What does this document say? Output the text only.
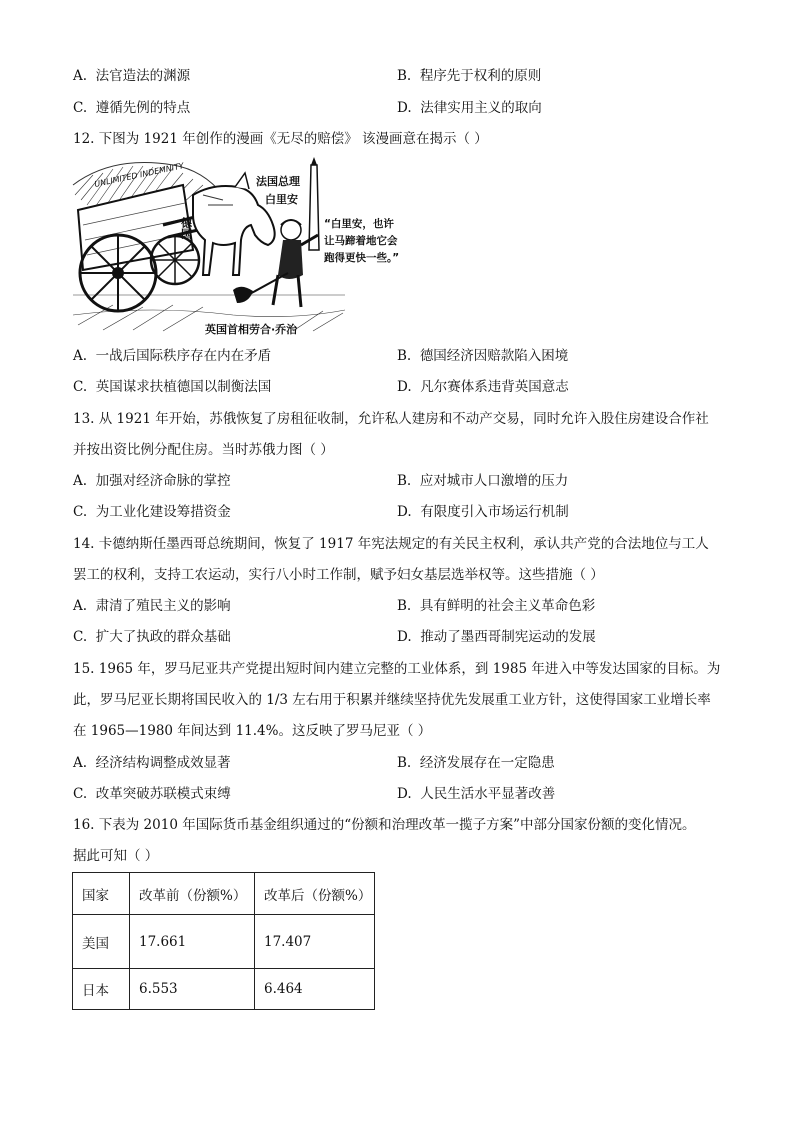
A. 法官造法的渊源	B. 程序先于权利的原则
C. 遵循先例的特点	D. 法律实用主义的取向
12. 下图为 1921 年创作的漫画《无尽的赔偿》 该漫画意在揭示（ ）
UNLIMITED INDEMNITY
德国
法国总理
白里安
“白里安，也许
让马蹄着地它会
跑得更快一些。”
英国首相劳合·乔治
A. 一战后国际秩序存在内在矛盾	B. 德国经济因赔款陷入困境
C. 英国谋求扶植德国以制衡法国	D. 凡尔赛体系违背英国意志
13. 从 1921 年开始，苏俄恢复了房租征收制，允许私人建房和不动产交易，同时允许入股住房建设合作社
并按出资比例分配住房。当时苏俄力图（ ）
A. 加强对经济命脉的掌控	B. 应对城市人口激增的压力
C. 为工业化建设筹措资金	D. 有限度引入市场运行机制
14. 卡德纳斯任墨西哥总统期间，恢复了 1917 年宪法规定的有关民主权利，承认共产党的合法地位与工人
罢工的权利，支持工农运动，实行八小时工作制，赋予妇女基层选举权等。这些措施（ ）
A. 肃清了殖民主义的影响	B. 具有鲜明的社会主义革命色彩
C. 扩大了执政的群众基础	D. 推动了墨西哥制宪运动的发展
15. 1965 年，罗马尼亚共产党提出短时间内建立完整的工业体系，到 1985 年进入中等发达国家的目标。为
此，罗马尼亚长期将国民收入的 1/3 左右用于积累并继续坚持优先发展重工业方针，这使得国家工业增长率
在 1965—1980 年间达到 11.4%。这反映了罗马尼亚（ ）
A. 经济结构调整成效显著	B. 经济发展存在一定隐患
C. 改革突破苏联模式束缚	D. 人民生活水平显著改善
16. 下表为 2010 年国际货币基金组织通过的“份额和治理改革一揽子方案”中部分国家份额的变化情况。
据此可知（ ）
国家	改革前（份额%）	改革后（份额%）
美国	17.661	17.407
日本	6.553	6.464
